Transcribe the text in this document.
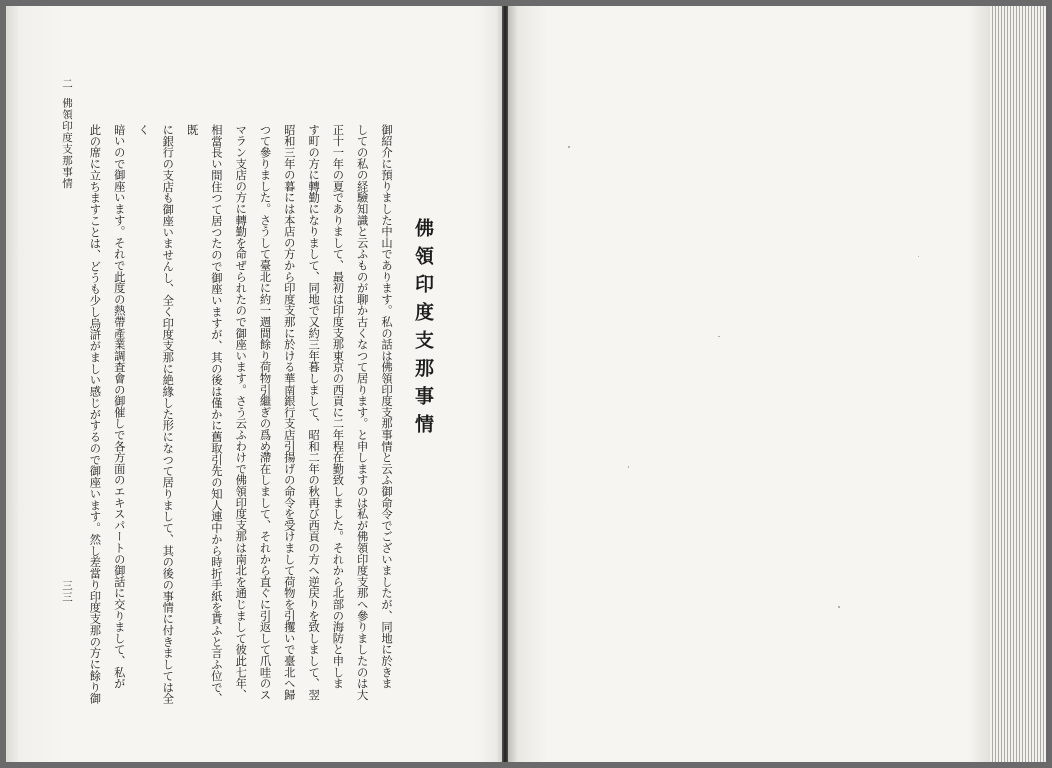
佛領印度支那事情
御紹介に預りました中山であります。私の話は佛領印度支那事情と云ふ御命令でございましたが、同地に於きま
しての私の経驗知識と云ふものが聊か古くなつて居ります。と申しますのは私が佛領印度支那へ參りましたのは大
正十一年の夏でありまして、最初は印度支那東京の西貢に二年程在勤致しました。それから北部の海防と申しま
す町の方に轉勤になりまして、同地で又約三年暮しまして、昭和二年の秋再び西貢の方へ逆戻りを致しまして、翌
昭和三年の暮には本店の方から印度支那に於ける華南銀行支店引揚げの命令を受けまして荷物を引攫いで臺北へ歸
つて參りました。さうして臺北に約一週間餘り荷物引繼ぎの爲め滯在しまして、それから直ぐに引返して爪哇のス
マラン支店の方に轉勤を命ぜられたので御座います。さう云ふわけで佛領印度支那は南北を通じまして彼此七年、
相當長い間住つて居つたので御座いますが、其の後は僅かに舊取引先の知人連中から時折手紙を貰ふと言ふ位で、既
に銀行の支店も御座いませんし、全く印度支那に絶緣した形になつて居りまして、其の後の事情に付きましては全く
暗いので御座います。それで此度の熱帶產業調査會の御催しで各方面のエキスパートの御話に交りまして、私が
此の席に立ちますことは、どうも少し烏滸がましい感じがするので御座います。然し差當り印度支那の方に餘り御
二佛領印度支那事情
三三
